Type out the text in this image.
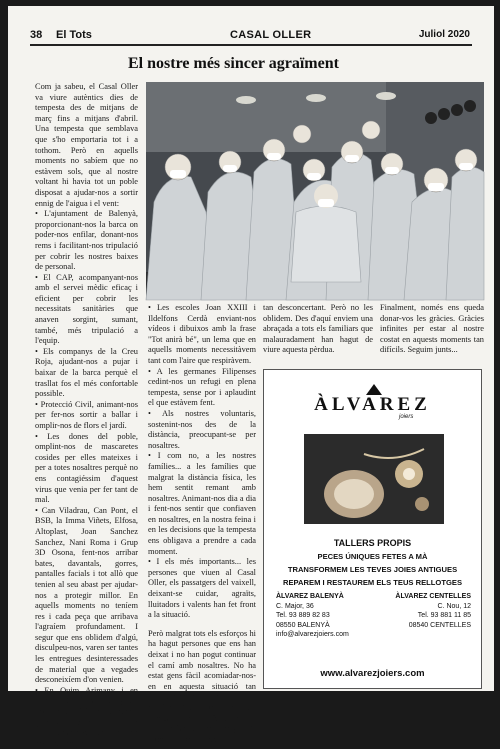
38 El Tots	CASAL OLLER	Juliol 2020
El nostre més sincer agraïment

Com ja sabeu, el Casal Oller va viure autèntics dies de tempesta des de mitjans de març fins a mitjans d'abril. Una tempesta que semblava que s'ho emportaria tot i a tothom. Però en aquells moments no sabíem que no estàvem sols, que al nostre voltant hi havia tot un poble disposat a ajudar-nos a sortir ennig de l'aigua i el vent:

• L'ajuntament de Balenyà, proporcionant-nos la barca on poder-nos enfilar, donant-nos rems i facilitant-nos tripulació per cobrir les nostres baixes de personal.

• El CAP, acompanyant-nos amb el servei mèdic eficaç i eficient per cobrir les necessitats sanitàries que anaven sorgint, sumant, també, més tripulació a l'equip.

• Els companys de la Creu Roja, ajudant-nos a pujar i baixar de la barca perquè el trasllat fos el més confortable possible.

• Protecció Civil, animant-nos per fer-nos sortir a ballar i omplir-nos de flors el jardí.

• Les dones del poble, omplint-nos de mascaretes cosides per elles mateixes i per a totes nosaltres perquè no ens contagiéssim d'aquest virus que venia per fer tant de mal.

• Can Viladrau, Can Pont, el BSB, la Imma Viñets, Elfosa, Altoplast, Joan Sanchez Sanchez, Nani Roma i Grup 3D Osona, fent-nos arribar bates, davantals, gorres, pantalles facials i tot allò que tenien al seu abast per ajudar-nos a protegir millor. En aquells moments no teníem res i cada peça que arribava l'agraíem profundament. I segur que ens oblidem d'algú, disculpeu-nos, varen ser tantes les entregues desinteressades de material que a vegades desconeixíem d'on venien.

• En Quim Arimany i en Narcís Casadevall arreglant-nos, sense dubtar en entrar (protegits, es clar!), tot allò que s'espatllava i nosaltres no podíem arreglar.

• Les escoles Joan XXIII i Ildelfons Cerdà enviant-nos vídeos i dibuixos amb la frase "Tot anirà bé", un lema que en aquells moments necessitàvem tant com l'aire que respiràvem.

• A les germanes Filipenses cedint-nos un refugi en plena tempesta, sense por i aplaudint el que estàvem fent.

• Als nostres voluntaris, sostenint-nos des de la distància, preocupant-se per nosaltres.

• I com no, a les nostres famílies... a les famílies que malgrat la distància física, les hem sentit remant amb nosaltres. Animant-nos dia a dia i fent-nos sentir que confiaven en nosaltres, en la nostra feina i en les decisions que la tempesta ens obligava a prendre a cada moment.

• I els més importants... les persones que viuen al Casal Oller, els passatgers del vaixell, deixant-se cuidar, agraïts, lluitadors i valents han fet front a la situació.

Però malgrat tots els esforços hi ha hagut persones que ens han deixat i no han pogut continuar el camí amb nosaltres. No ha estat gens fàcil acomiadar-nos-en en aquesta situació tan desconcertant. Però no les oblidem. Des d'aquí enviem una abraçada a tots els familiars que malauradament han hagut de viure aquesta pèrdua.

tan desconcertant. Però no les oblidem. Des d'aquí enviem una abraçada a tots els familiars que malauradament han hagut de viure aquesta pèrdua.

Finalment, només ens queda donar-vos les gràcies. Gràcies infinites per estar al nostre costat en aquests moments tan difícils. Seguim junts...

ÀLVAREZ
joiers
TALLERS PROPIS
PECES ÚNIQUES FETES A MÀ
TRANSFORMEM LES TEVES JOIES ANTIGUES
REPAREM I RESTAUREM ELS TEUS RELLOTGES
ÀLVAREZ BALENYÀ
C. Major, 36
Tel. 93 889 82 83
08550 BALENYÀ
info@alvarezjoiers.com
ÀLVAREZ CENTELLES
C. Nou, 12
Tel. 93 881 11 85
08540 CENTELLES
www.alvarezjoiers.com
